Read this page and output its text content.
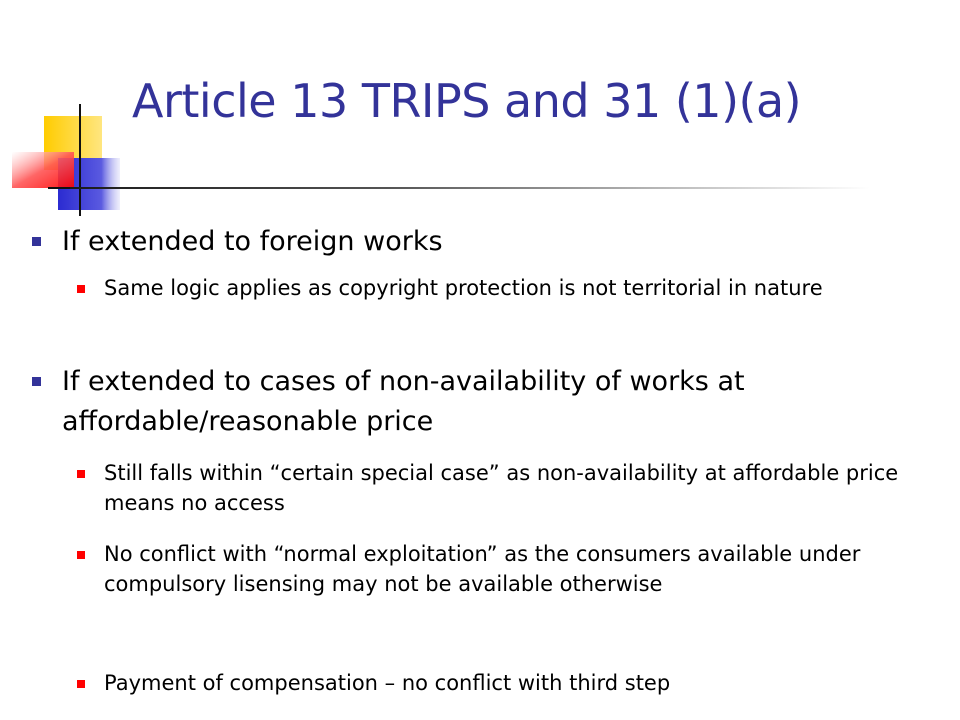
Article 13 TRIPS and 31 (1)(a)
If extended to foreign works
Same logic applies as copyright protection is not territorial in nature
If extended to cases of non-availability of works at affordable/reasonable price
Still falls within “certain special case” as non-availability at affordable price means no access
No conflict with “normal exploitation” as the consumers available under compulsory lisensing may not be available otherwise
Payment of compensation – no conflict with third step
